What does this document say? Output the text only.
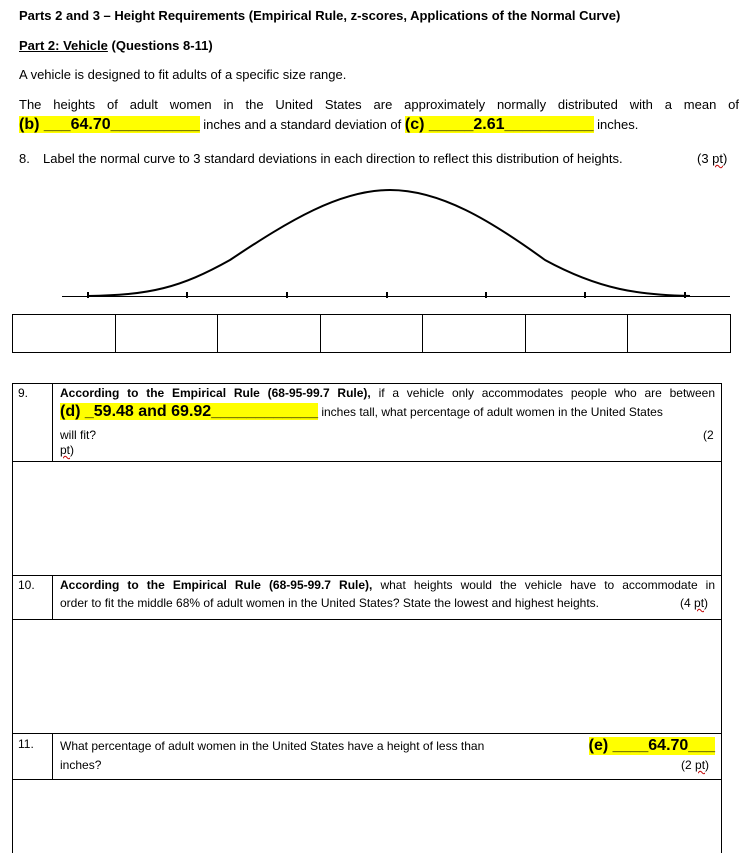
Parts 2 and 3 – Height Requirements (Empirical Rule, z-scores, Applications of the Normal Curve)
Part 2: Vehicle (Questions 8-11)
A vehicle is designed to fit adults of a specific size range.
The heights of adult women in the United States are approximately normally distributed with a mean of
(b) ___64.70__________ inches and a standard deviation of (c) _____2.61__________ inches.
8. Label the normal curve to 3 standard deviations in each direction to reflect this distribution of heights.	(3 pt)
9.	According to the Empirical Rule (68-95-99.7 Rule), if a vehicle only accommodates people who are between
(d) _59.48 and 69.92____________ inches tall, what percentage of adult women in the United States
will fit?	(2
pt)
10. According to the Empirical Rule (68-95-99.7 Rule), what heights would the vehicle have to accommodate in
order to fit the middle 68% of adult women in the United States? State the lowest and highest heights.	(4 pt)
11. What percentage of adult women in the United States have a height of less than	(e) ____64.70___
inches?	(2 pt)
